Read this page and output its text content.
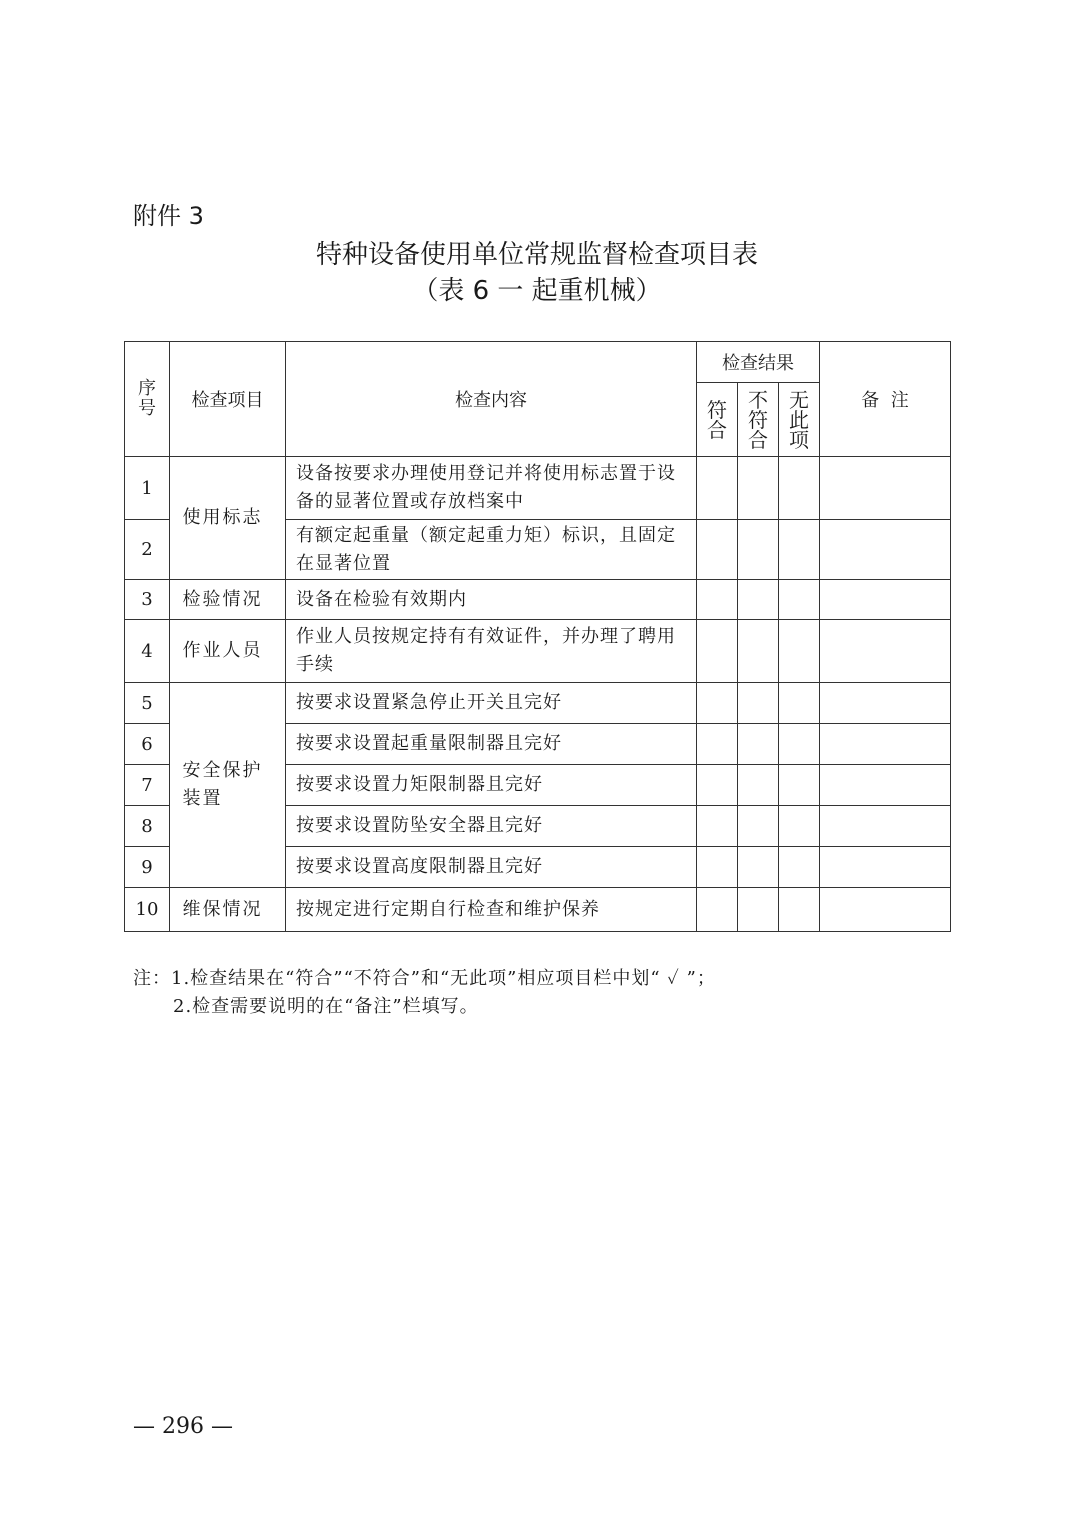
附件 3
特种设备使用单位常规监督检查项目表
（表 6 一 起重机械）
序号	检查项目	检查内容	检查结果			备  注

			符合	不符合	无此项	

1	使用标志	设备按要求办理使用登记并将使用标志置于设备的显著位置或存放档案中				
2		有额定起重量（额定起重力矩）标识，且固定在显著位置				
3	检验情况	设备在检验有效期内				
4	作业人员	作业人员按规定持有有效证件，并办理了聘用手续				
5	安全保护装置	按要求设置紧急停止开关且完好				
6		按要求设置起重量限制器且完好				
7		按要求设置力矩限制器且完好				
8		按要求设置防坠安全器且完好				
9		按要求设置高度限制器且完好				
10	维保情况	按规定进行定期自行检查和维护保养				
注：1.检查结果在“符合”“不符合”和“无此项”相应项目栏中划“ ✓ ”；
2.检查需要说明的在“备注”栏填写。
— 296 —
